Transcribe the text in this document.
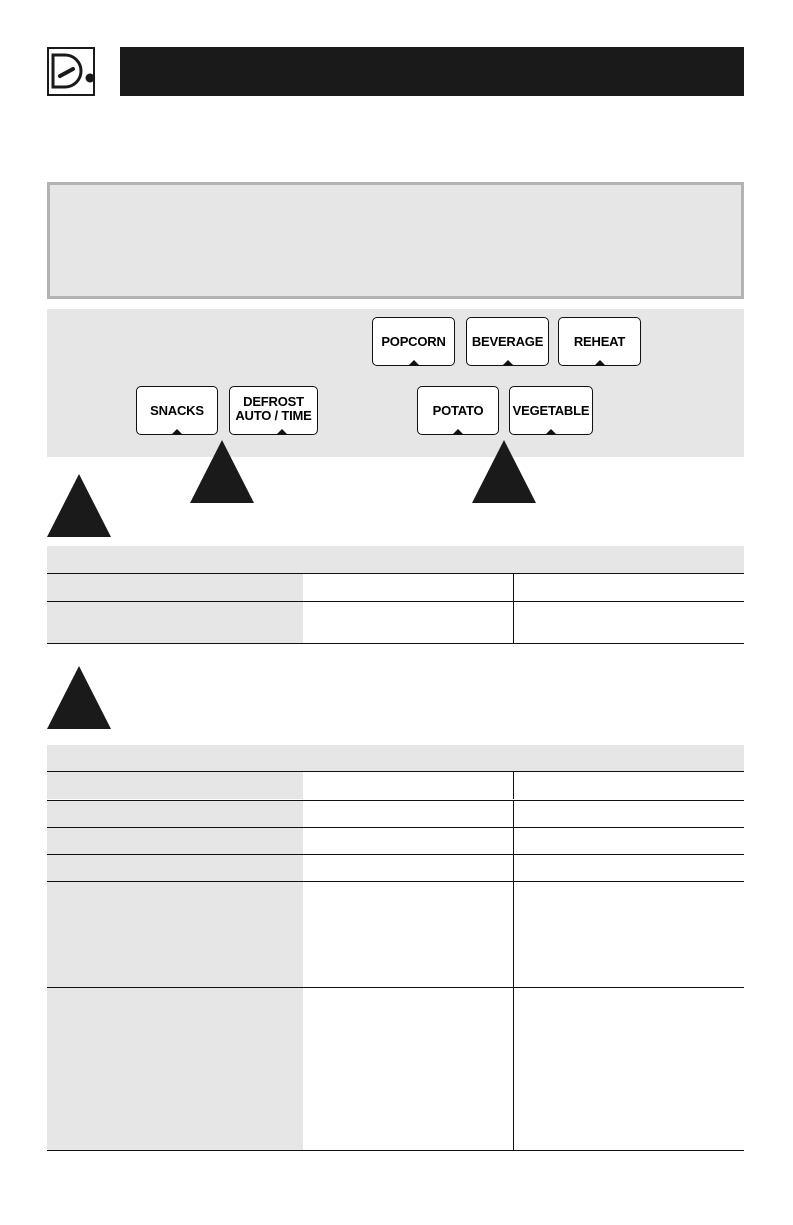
POPCORN BEVERAGE REHEAT
SNACKS
DEFROST
AUTO / TIME	POTATO VEGETABLE
